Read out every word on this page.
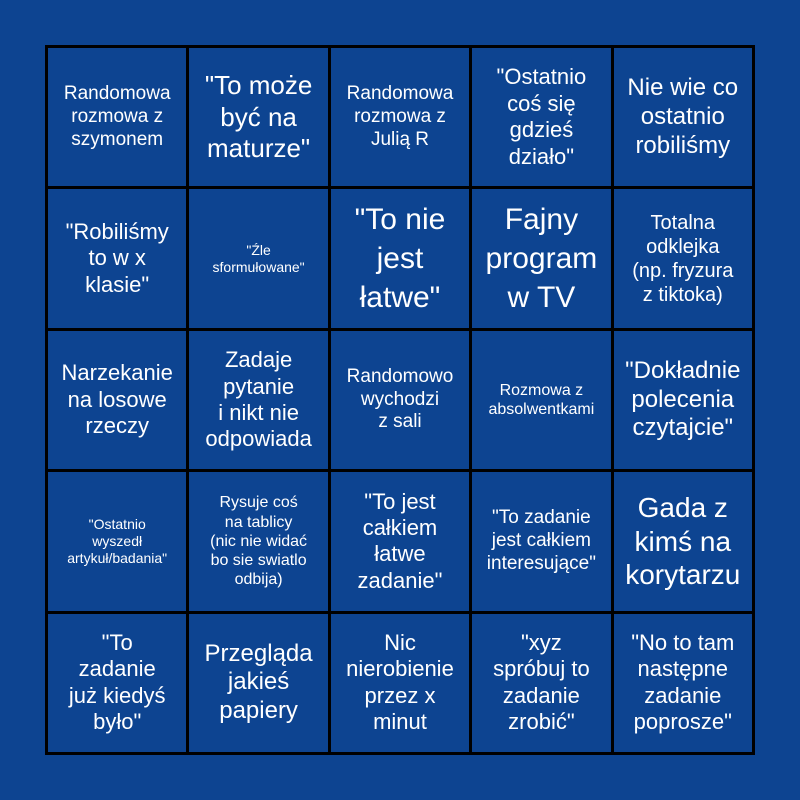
Randomowa
rozmowa z
szymonem
"To może
być na
maturze"
Randomowa
rozmowa z
Julią R
"Ostatnio
coś się
gdzieś
działo"
Nie wie co
ostatnio
robiliśmy
"Robiliśmy
to w x
klasie"
"Źle
sformułowane"
"To nie
jest
łatwe"
Fajny
program
w TV
Totalna
odklejka
(np. fryzura
z tiktoka)
Narzekanie
na losowe
rzeczy
Zadaje
pytanie
i nikt nie
odpowiada
Randomowo
wychodzi
z sali
Rozmowa z
absolwentkami
"Dokładnie
polecenia
czytajcie"
"Ostatnio
wyszedł
artykuł/badania"
Rysuje coś
na tablicy
(nic nie widać
bo sie swiatlo
odbija)
"To jest
całkiem
łatwe
zadanie"
"To zadanie
jest całkiem
interesujące"
Gada z
kimś na
korytarzu
"To
zadanie
już kiedyś
było"
Przegląda
jakieś
papiery
Nic
nierobienie
przez x
minut
"xyz
spróbuj to
zadanie
zrobić"
"No to tam
następne
zadanie
poprosze"
